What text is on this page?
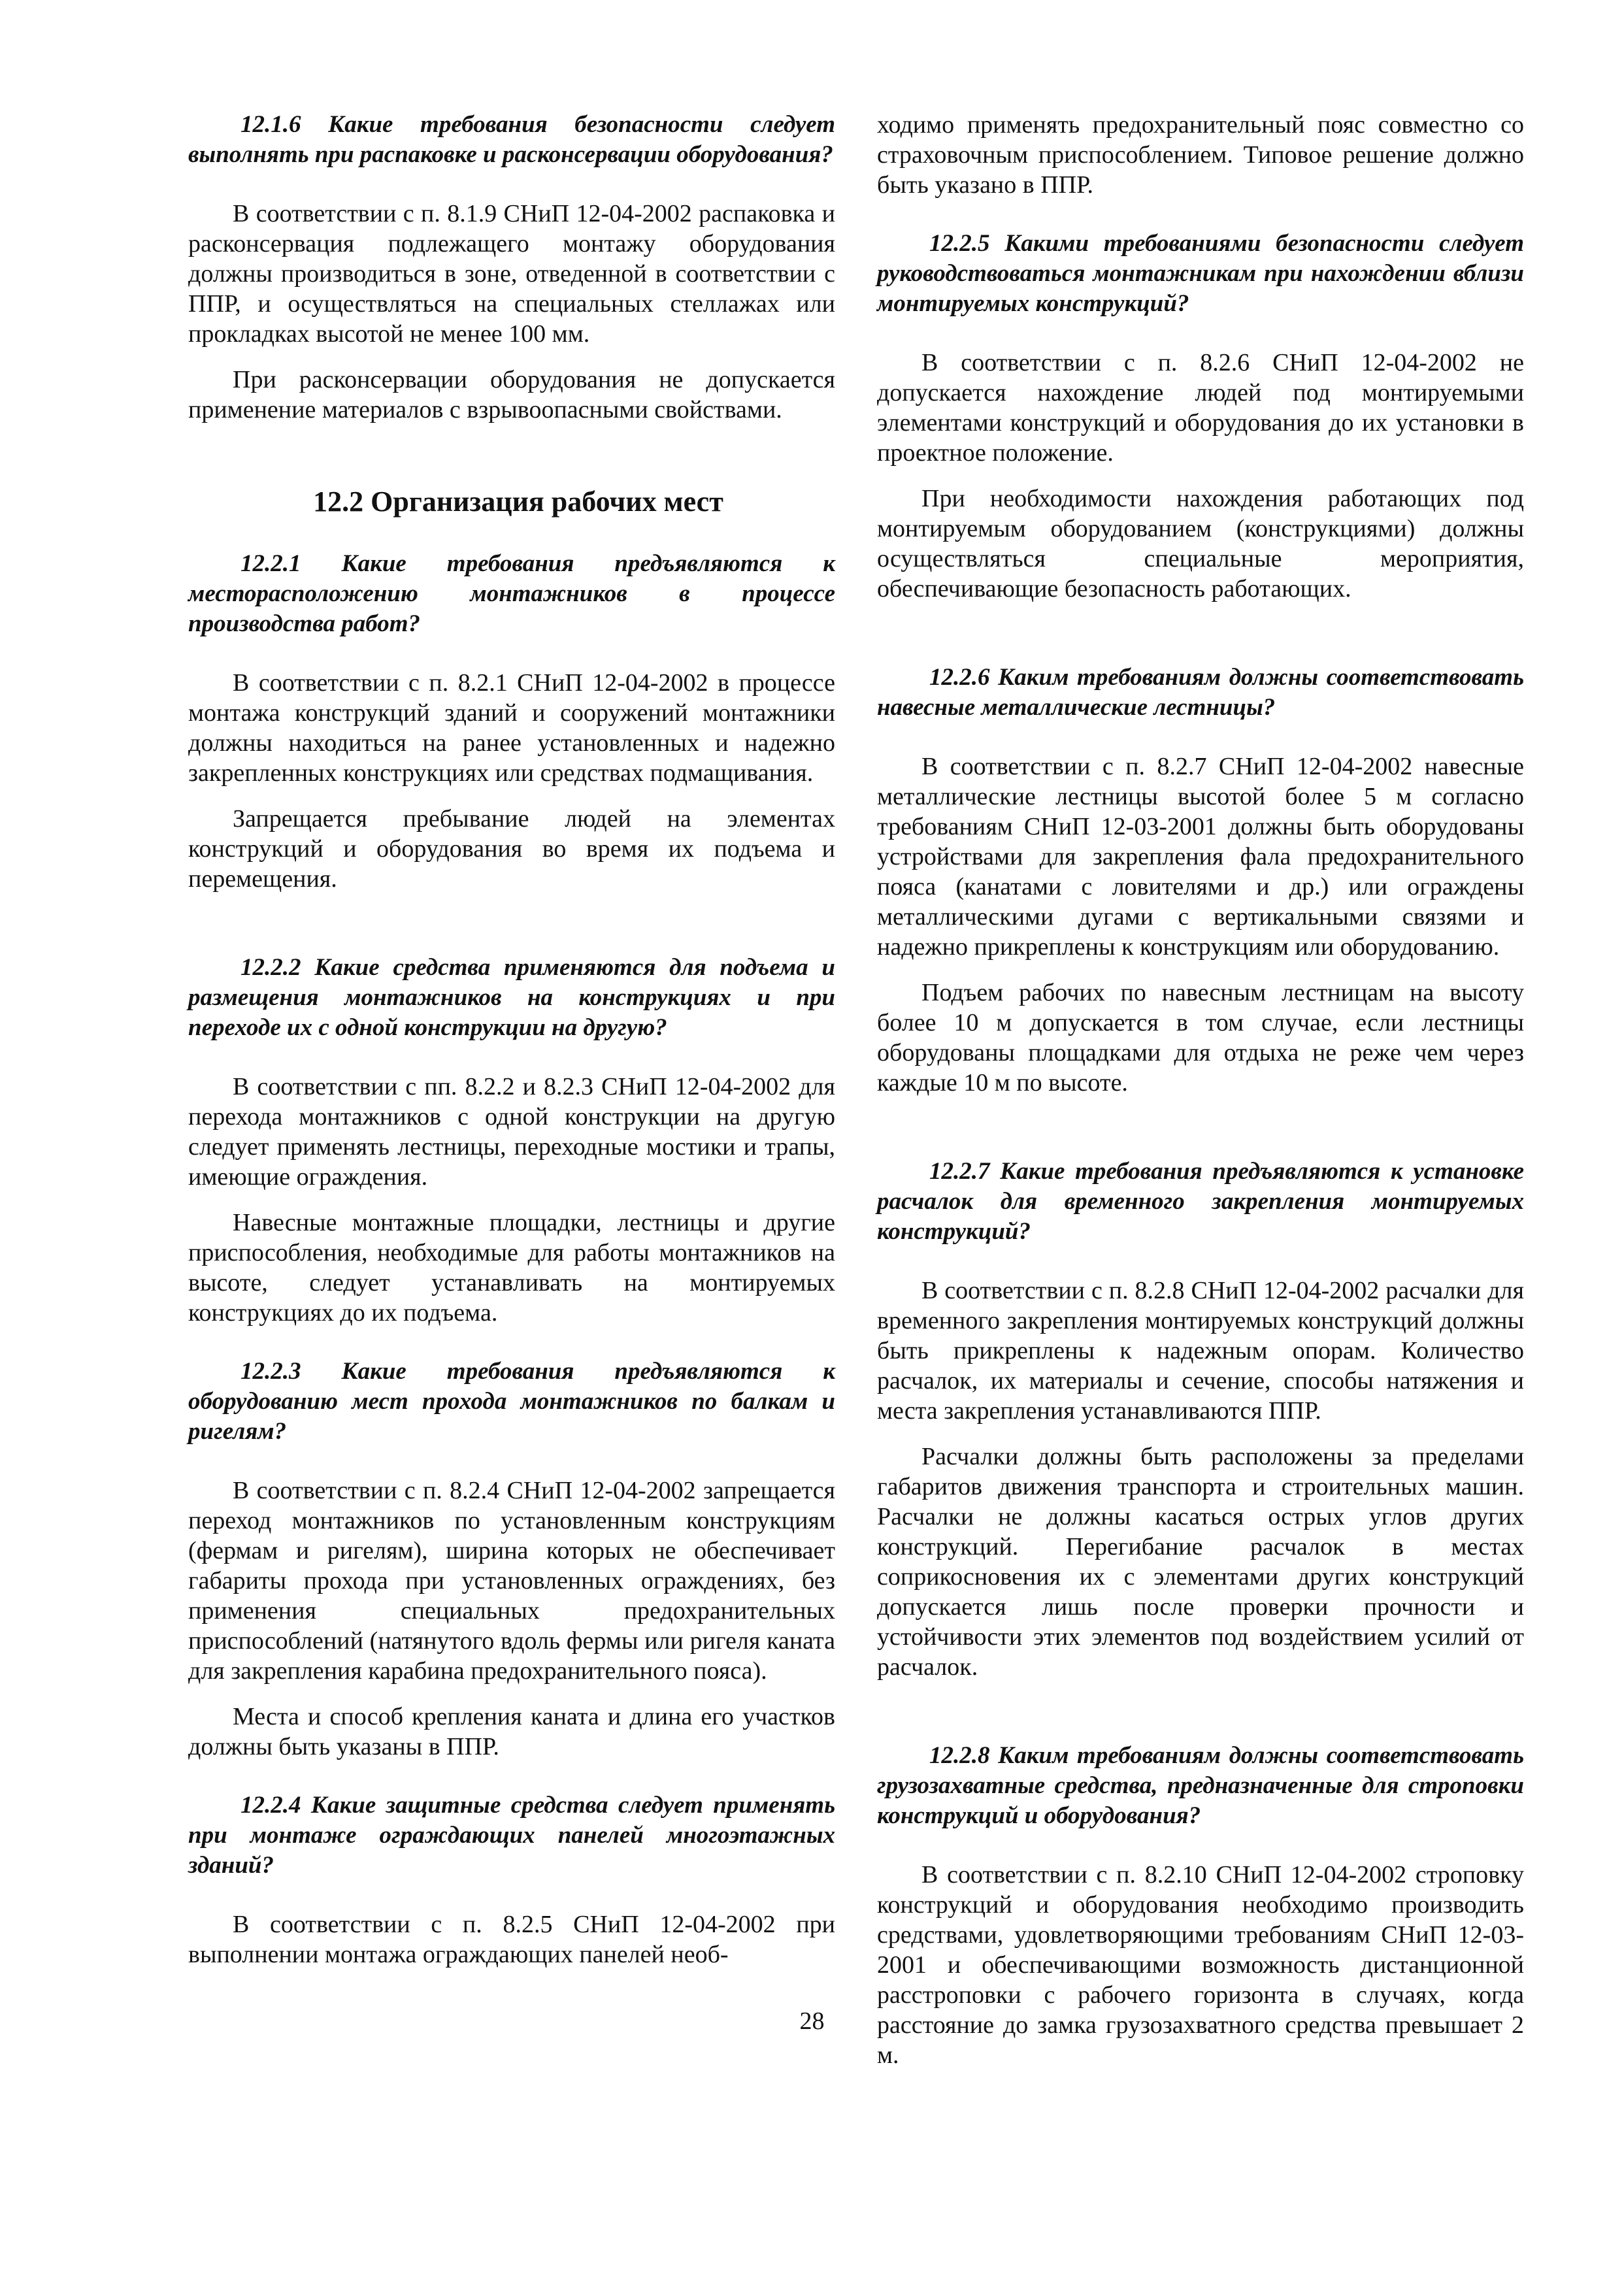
12.1.6 Какие требования безопасности следует выполнять при распаковке и расконсервации оборудования?

В соответствии с п. 8.1.9 СНиП 12-04-2002 распаковка и расконсервация подлежащего монтажу оборудования должны производиться в зоне, отведенной в соответствии с ППР, и осуществляться на специальных стеллажах или прокладках высотой не менее 100 мм.

При расконсервации оборудования не допускается применение материалов с взрывоопасными свойствами.

12.2 Организация рабочих мест

12.2.1 Какие требования предъявляются к месторасположению монтажников в процессе производства работ?

В соответствии с п. 8.2.1 СНиП 12-04-2002 в процессе монтажа конструкций зданий и сооружений монтажники должны находиться на ранее установленных и надежно закрепленных конструкциях или средствах подмащивания.

Запрещается пребывание людей на элементах конструкций и оборудования во время их подъема и перемещения.

12.2.2 Какие средства применяются для подъема и размещения монтажников на конструкциях и при переходе их с одной конструкции на другую?

В соответствии с пп. 8.2.2 и 8.2.3 СНиП 12-04-2002 для перехода монтажников с одной конструкции на другую следует применять лестницы, переходные мостики и трапы, имеющие ограждения.

Навесные монтажные площадки, лестницы и другие приспособления, необходимые для работы монтажников на высоте, следует устанавливать на монтируемых конструкциях до их подъема.

12.2.3 Какие требования предъявляются к оборудованию мест прохода монтажников по балкам и ригелям?

В соответствии с п. 8.2.4 СНиП 12-04-2002 запрещается переход монтажников по установленным конструкциям (фермам и ригелям), ширина которых не обеспечивает габариты прохода при установленных ограждениях, без применения специальных предохранительных приспособлений (натянутого вдоль фермы или ригеля каната для закрепления карабина предохранительного пояса).

Места и способ крепления каната и длина его участков должны быть указаны в ППР.

12.2.4 Какие защитные средства следует применять при монтаже ограждающих панелей многоэтажных зданий?

В соответствии с п. 8.2.5 СНиП 12-04-2002 при выполнении монтажа ограждающих панелей необ-

ходимо применять предохранительный пояс совместно со страховочным приспособлением. Типовое решение должно быть указано в ППР.

12.2.5 Какими требованиями безопасности следует руководствоваться монтажникам при нахождении вблизи монтируемых конструкций?

В соответствии с п. 8.2.6 СНиП 12-04-2002 не допускается нахождение людей под монтируемыми элементами конструкций и оборудования до их установки в проектное положение.

При необходимости нахождения работающих под монтируемым оборудованием (конструкциями) должны осуществляться специальные мероприятия, обеспечивающие безопасность работающих.

12.2.6 Каким требованиям должны соответствовать навесные металлические лестницы?

В соответствии с п. 8.2.7 СНиП 12-04-2002 навесные металлические лестницы высотой более 5 м согласно требованиям СНиП 12-03-2001 должны быть оборудованы устройствами для закрепления фала предохранительного пояса (канатами с ловителями и др.) или ограждены металлическими дугами с вертикальными связями и надежно прикреплены к конструкциям или оборудованию.

Подъем рабочих по навесным лестницам на высоту более 10 м допускается в том случае, если лестницы оборудованы площадками для отдыха не реже чем через каждые 10 м по высоте.

12.2.7 Какие требования предъявляются к установке расчалок для временного закрепления монтируемых конструкций?

В соответствии с п. 8.2.8 СНиП 12-04-2002 расчалки для временного закрепления монтируемых конструкций должны быть прикреплены к надежным опорам. Количество расчалок, их материалы и сечение, способы натяжения и места закрепления устанавливаются ППР.

Расчалки должны быть расположены за пределами габаритов движения транспорта и строительных машин. Расчалки не должны касаться острых углов других конструкций. Перегибание расчалок в местах соприкосновения их с элементами других конструкций допускается лишь после проверки прочности и устойчивости этих элементов под воздействием усилий от расчалок.

12.2.8 Каким требованиям должны соответствовать грузозахватные средства, предназначенные для строповки конструкций и оборудования?

В соответствии с п. 8.2.10 СНиП 12-04-2002 строповку конструкций и оборудования необходимо производить средствами, удовлетворяющими требованиям СНиП 12-03-2001 и обеспечивающими возможность дистанционной расстроповки с рабочего горизонта в случаях, когда расстояние до замка грузозахватного средства превышает 2 м.

28
